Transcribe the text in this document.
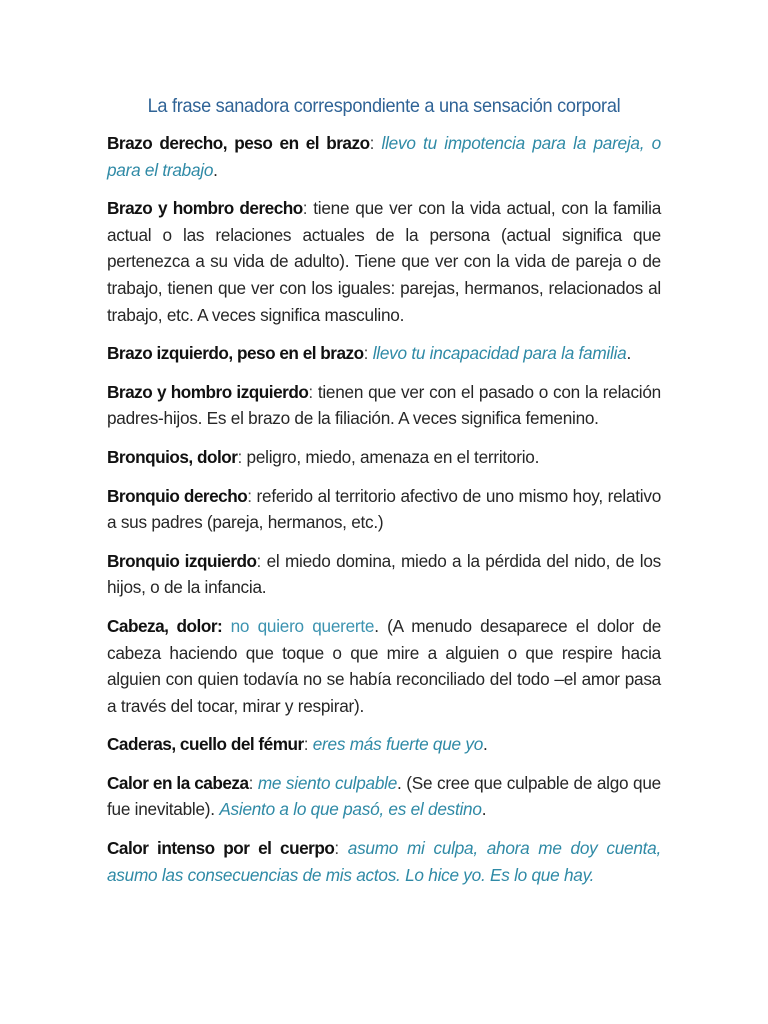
La frase sanadora correspondiente a una sensación corporal

Brazo derecho, peso en el brazo: llevo tu impotencia para la pareja, o para el trabajo.

Brazo y hombro derecho: tiene que ver con la vida actual, con la familia actual o las relaciones actuales de la persona (actual significa que pertenezca a su vida de adulto). Tiene que ver con la vida de pareja o de trabajo, tienen que ver con los iguales: parejas, hermanos, relacionados al trabajo, etc. A veces significa masculino.

Brazo izquierdo, peso en el brazo: llevo tu incapacidad para la familia.

Brazo y hombro izquierdo: tienen que ver con el pasado o con la relación padres-hijos. Es el brazo de la filiación. A veces significa femenino.

Bronquios, dolor: peligro, miedo, amenaza en el territorio.

Bronquio derecho: referido al territorio afectivo de uno mismo hoy, relativo a sus padres (pareja, hermanos, etc.)

Bronquio izquierdo: el miedo domina, miedo a la pérdida del nido, de los hijos, o de la infancia.

Cabeza, dolor: no quiero quererte. (A menudo desaparece el dolor de cabeza haciendo que toque o que mire a alguien o que respire hacia alguien con quien todavía no se había reconciliado del todo –el amor pasa a través del tocar, mirar y respirar).

Caderas, cuello del fémur: eres más fuerte que yo.

Calor en la cabeza: me siento culpable. (Se cree que culpable de algo que fue inevitable). Asiento a lo que pasó, es el destino.

Calor intenso por el cuerpo: asumo mi culpa, ahora me doy cuenta, asumo las consecuencias de mis actos. Lo hice yo. Es lo que hay.
